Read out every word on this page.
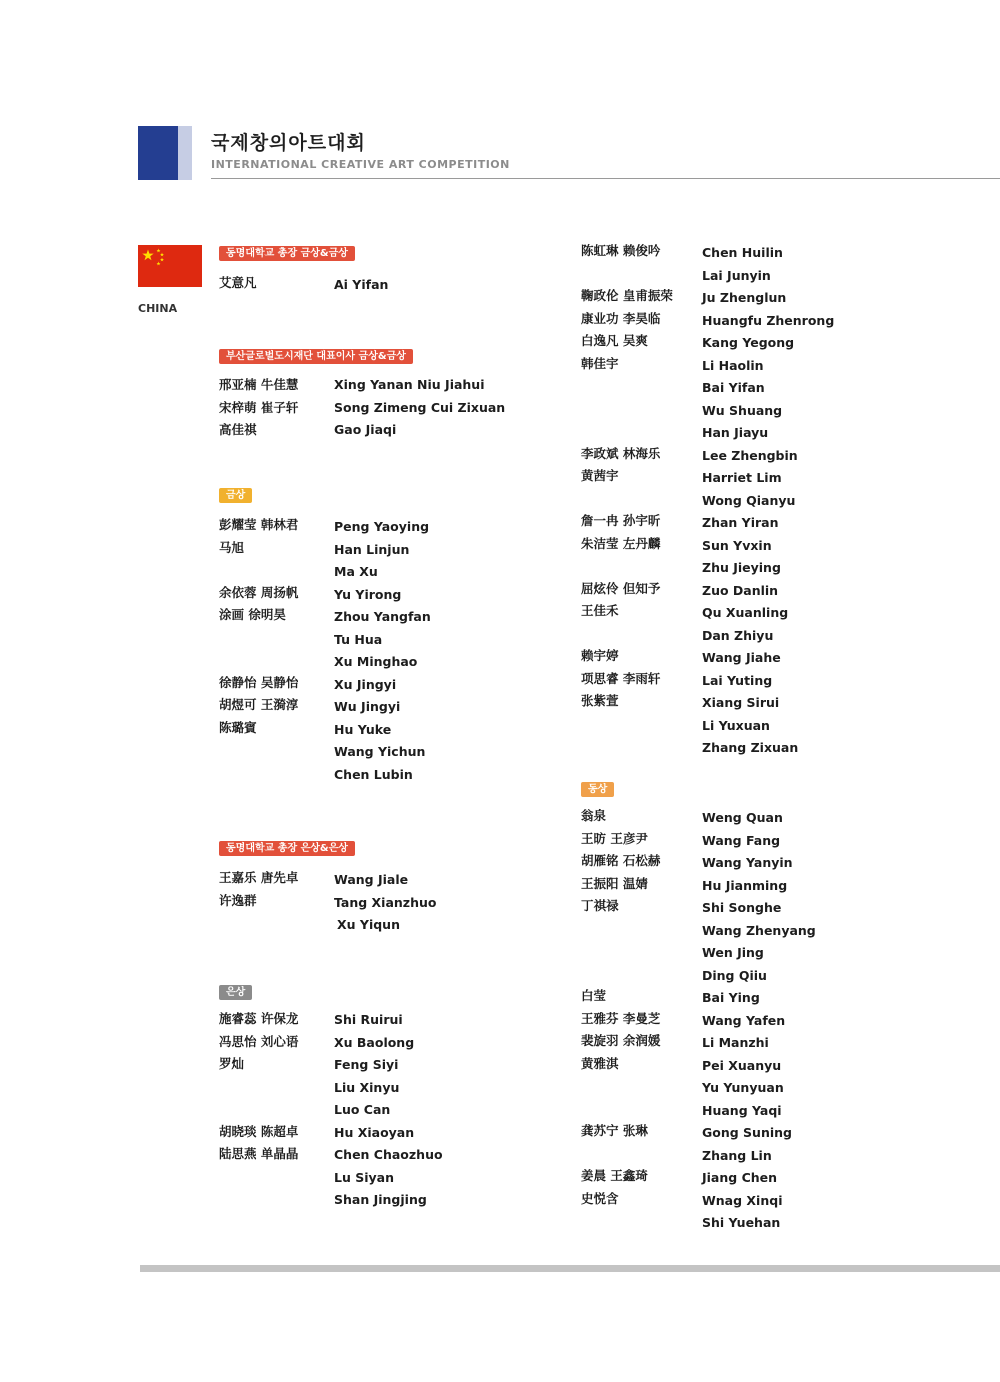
국제창의아트대회
INTERNATIONAL CREATIVE ART COMPETITION
CHINA
동명대학교 총장 금상&금상
부산글로벌도시재단 대표이사 금상&금상
금상
동명대학교 총장 은상&은상
은상
동상
艾意凡	Ai Yifan
邢亚楠 牛佳慧
宋梓萌 崔子轩
高佳祺
Xing Yanan Niu Jiahui
Song Zimeng Cui Zixuan
Gao Jiaqi
彭耀莹 韩林君
马旭
余依蓉 周扬帆
涂画 徐明昊
徐静怡 吴静怡
胡煜可 王漪淳
陈璐賓
Peng Yaoying
Han Linjun
Ma Xu
Yu Yirong
Zhou Yangfan
Tu Hua
Xu Minghao
Xu Jingyi
Wu Jingyi
Hu Yuke
Wang Yichun
Chen Lubin
王嘉乐 唐先卓
许逸群
Wang Jiale
Tang Xianzhuo
Xu Yiqun
施睿蕊 许保龙
冯思怡 刘心语
罗灿
胡晓琰 陈超卓
陆思燕 单晶晶
Shi Ruirui
Xu Baolong
Feng Siyi
Liu Xinyu
Luo Can
Hu Xiaoyan
Chen Chaozhuo
Lu Siyan
Shan Jingjing
陈虹琳 赖俊吟
鞠政伦 皇甫振荣
康业功 李昊临
白逸凡 吴爽
韩佳宇
李政斌 林海乐
黄茜宇
詹一冉 孙宇昕
朱洁莹 左丹麟
屈炫伶 但知予
王佳禾
赖宇婷
项思睿 李雨轩
张紫萱
Chen Huilin
Lai Junyin
Ju Zhenglun
Huangfu Zhenrong
Kang Yegong
Li Haolin
Bai Yifan
Wu Shuang
Han Jiayu
Lee Zhengbin
Harriet Lim
Wong Qianyu
Zhan Yiran
Sun Yvxin
Zhu Jieying
Zuo Danlin
Qu Xuanling
Dan Zhiyu
Wang Jiahe
Lai Yuting
Xiang Sirui
Li Yuxuan
Zhang Zixuan
翁泉
王昉 王彦尹
胡雁铭 石松赫
王振阳 温婧
丁祺禄
白莹
王雅芬 李曼芝
裴旋羽 余润媛
黄雅淇
龚苏宁 张琳
姜晨 王鑫琦
史悦含
Weng Quan
Wang Fang
Wang Yanyin
Hu Jianming
Shi Songhe
Wang Zhenyang
Wen Jing
Ding Qiiu
Bai Ying
Wang Yafen
Li Manzhi
Pei Xuanyu
Yu Yunyuan
Huang Yaqi
Gong Suning
Zhang Lin
Jiang Chen
Wnag Xinqi
Shi Yuehan
